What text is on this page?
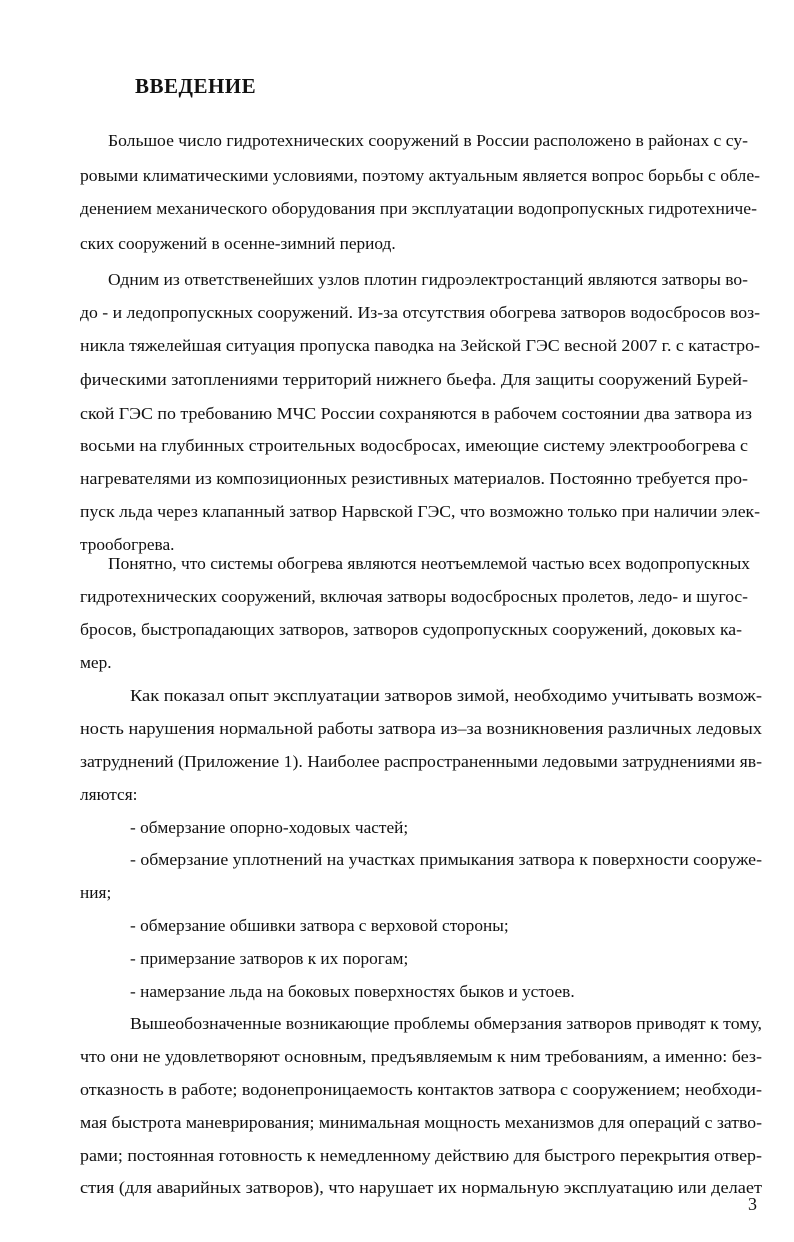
ВВЕДЕНИЕ
Большое число гидротехнических сооружений в России расположено в районах с су-
ровыми климатическими условиями, поэтому актуальным является вопрос борьбы с обле-
денением механического оборудования при эксплуатации водопропускных гидротехниче-
ских сооружений в осенне-зимний период.
Одним из ответственейших узлов плотин гидроэлектростанций являются затворы во-
до - и ледопропускных сооружений. Из-за отсутствия обогрева затворов водосбросов воз-
никла тяжелейшая ситуация пропуска паводка на Зейской ГЭС весной 2007 г. с катастро-
фическими затоплениями территорий нижнего бьефа. Для защиты сооружений Бурей-
ской ГЭС по требованию МЧС России сохраняются в рабочем состоянии два затвора из
восьми на глубинных строительных водосбросах, имеющие систему электрообогрева с
нагревателями из композиционных резистивных материалов. Постоянно требуется про-
пуск льда через клапанный затвор Нарвской ГЭС, что возможно только при наличии элек-
трообогрева.
Понятно, что системы обогрева являются неотъемлемой частью всех водопропускных
гидротехнических сооружений, включая затворы водосбросных пролетов, ледо- и шугос-
бросов, быстропадающих затворов, затворов судопропускных сооружений, доковых ка-
мер.
Как показал опыт эксплуатации затворов зимой, необходимо учитывать возмож-
ность нарушения нормальной работы затвора из–за возникновения различных ледовых
затруднений (Приложение 1). Наиболее распространенными ледовыми затруднениями яв-
ляются:
- обмерзание опорно-ходовых частей;
- обмерзание уплотнений на участках примыкания затвора к поверхности сооруже-
ния;
- обмерзание обшивки затвора с верховой стороны;
- примерзание затворов к их порогам;
- намерзание льда на боковых поверхностях быков и устоев.
Вышеобозначенные возникающие проблемы обмерзания затворов приводят к тому,
что они не удовлетворяют основным, предъявляемым к ним требованиям, а именно: без-
отказность в работе; водонепроницаемость контактов затвора с сооружением; необходи-
мая быстрота маневрирования; минимальная мощность механизмов для операций с затво-
рами; постоянная готовность к немедленному действию для быстрого перекрытия отвер-
стия (для аварийных затворов), что нарушает их нормальную эксплуатацию или делает
3
